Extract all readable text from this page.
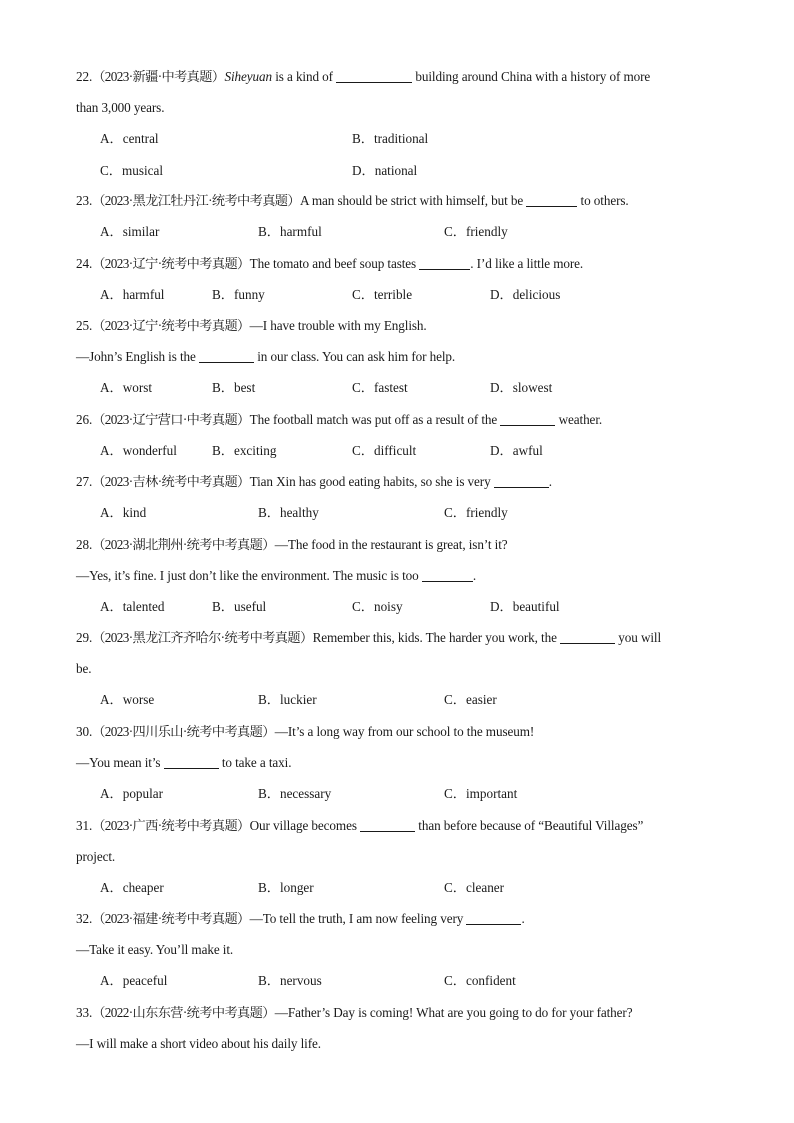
22.（2023·新疆·中考真题）Siheyuan is a kind of	building around China with a history of more
than 3,000 years.
A．central	B．traditional
C．musical	D．national
23.（2023·黑龙江牡丹江·统考中考真题）A man should be strict with himself, but be	to others.
A．similar	B．harmful	C．friendly
24.（2023·辽宁·统考中考真题）The tomato and beef soup tastes	. I’d like a little more.
A．harmful	B．funny	C．terrible	D．delicious
25.（2023·辽宁·统考中考真题）—I have trouble with my English.
—John’s English is the	in our class. You can ask him for help.
A．worst	B．best	C．fastest	D．slowest
26.（2023·辽宁营口·中考真题）The football match was put off as a result of the	weather.
A．wonderful	B．exciting	C．difficult	D．awful
27.（2023·吉林·统考中考真题）Tian Xin has good eating habits, so she is very	.
A．kind	B．healthy	C．friendly
28.（2023·湖北荆州·统考中考真题）—The food in the restaurant is great, isn’t it?
—Yes, it’s fine. I just don’t like the environment. The music is too	.
A．talented	B．useful	C．noisy	D．beautiful
29.（2023·黑龙江齐齐哈尔·统考中考真题）Remember this, kids. The harder you work, the	you will
be.
A．worse	B．luckier	C．easier
30.（2023·四川乐山·统考中考真题）—It’s a long way from our school to the museum!
—You mean it’s	to take a taxi.
A．popular	B．necessary	C．important
31.（2023·广西·统考中考真题）Our village becomes	than before because of “Beautiful Villages”
project.
A．cheaper	B．longer	C．cleaner
32.（2023·福建·统考中考真题）—To tell the truth, I am now feeling very	.
—Take it easy. You’ll make it.
A．peaceful	B．nervous	C．confident
33.（2022·山东东营·统考中考真题）—Father’s Day is coming! What are you going to do for your father?
—I will make a short video about his daily life.
